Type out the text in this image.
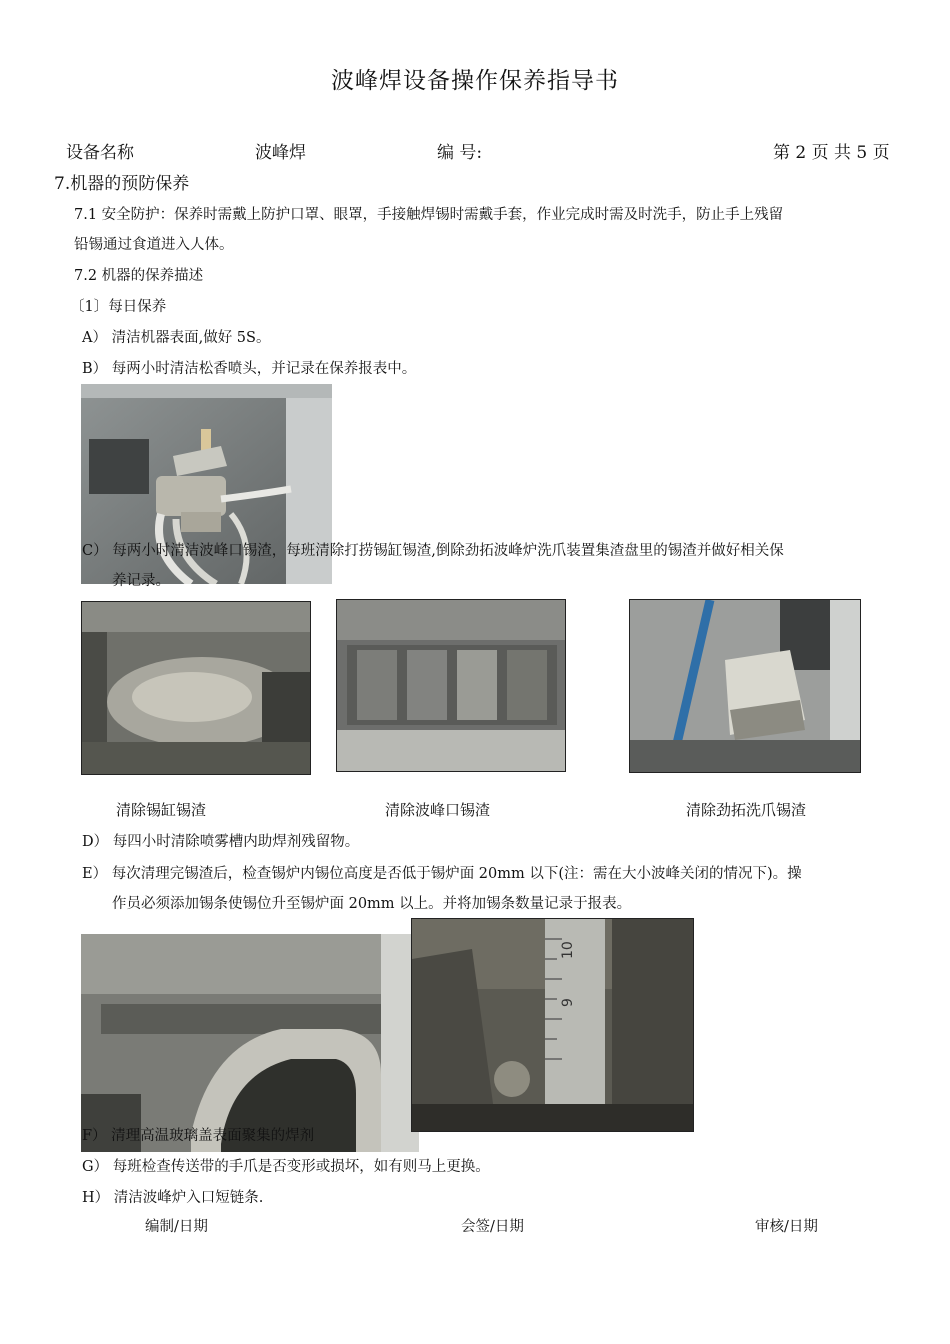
波峰焊设备操作保养指导书
设备名称	波峰焊	编 号:	第 2 页 共 5 页
7.机器的预防保养
7.1 安全防护：保养时需戴上防护口罩、眼罩，手接触焊锡时需戴手套，作业完成时需及时洗手，防止手上残留
铅锡通过食道进入人体。
7.2 机器的保养描述
〔1〕每日保养
A） 清洁机器表面,做好 5S。
B） 每两小时清洁松香喷头，并记录在保养报表中。
C） 每两小时清洁波峰口锡渣，每班清除打捞锡缸锡渣,倒除劲拓波峰炉洗爪装置集渣盘里的锡渣并做好相关保
养记录。
清除锡缸锡渣	清除波峰口锡渣	清除劲拓洗爪锡渣
D） 每四小时清除喷雾槽内助焊剂残留物。
E） 每次清理完锡渣后，检查锡炉内锡位高度是否低于锡炉面 20mm 以下(注：需在大小波峰关闭的情况下)。操
作员必须添加锡条使锡位升至锡炉面 20mm 以上。并将加锡条数量记录于报表。
10
9
F） 清理高温玻璃盖表面聚集的焊剂
G） 每班检查传送带的手爪是否变形或损坏，如有则马上更换。
H） 清洁波峰炉入口短链条.
编制/日期	会签/日期	审核/日期
